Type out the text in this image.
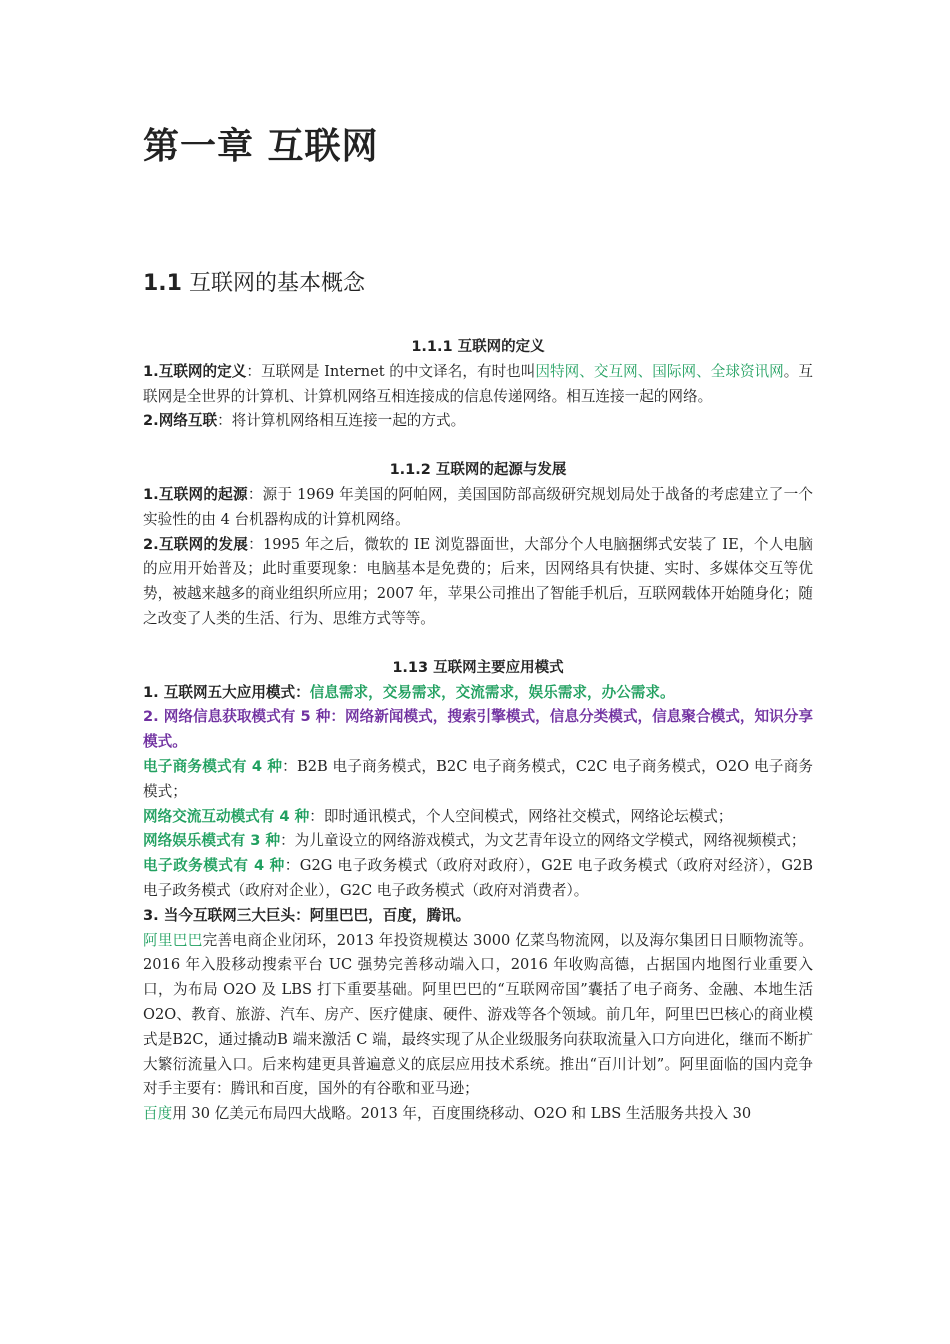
第一章 互联网
1.1 互联网的基本概念
1.1.1 互联网的定义

1.互联网的定义：互联网是 Internet 的中文译名，有时也叫因特网、交互网、国际网、全球资讯网。互联网是全世界的计算机、计算机网络互相连接成的信息传递网络。相互连接一起的网络。

2.网络互联：将计算机网络相互连接一起的方式。

1.1.2 互联网的起源与发展

1.互联网的起源：源于 1969 年美国的阿帕网，美国国防部高级研究规划局处于战备的考虑建立了一个实验性的由 4 台机器构成的计算机网络。

2.互联网的发展：1995 年之后，微软的 IE 浏览器面世，大部分个人电脑捆绑式安装了 IE，个人电脑的应用开始普及；此时重要现象：电脑基本是免费的；后来，因网络具有快捷、实时、多媒体交互等优势，被越来越多的商业组织所应用；2007 年，苹果公司推出了智能手机后，互联网载体开始随身化；随之改变了人类的生活、行为、思维方式等等。

1.13 互联网主要应用模式

1. 互联网五大应用模式：信息需求，交易需求，交流需求，娱乐需求，办公需求。

2. 网络信息获取模式有 5 种：网络新闻模式，搜索引擎模式，信息分类模式，信息聚合模式，知识分享模式。

电子商务模式有 4 种：B2B 电子商务模式，B2C 电子商务模式，C2C 电子商务模式，O2O 电子商务模式；

网络交流互动模式有 4 种：即时通讯模式，个人空间模式，网络社交模式，网络论坛模式；

网络娱乐模式有 3 种：为儿童设立的网络游戏模式，为文艺青年设立的网络文学模式，网络视频模式；

电子政务模式有 4 种：G2G 电子政务模式（政府对政府），G2E 电子政务模式（政府对经济），G2B 电子政务模式（政府对企业），G2C 电子政务模式（政府对消费者）。

3. 当今互联网三大巨头：阿里巴巴，百度，腾讯。

阿里巴巴完善电商企业闭环，2013 年投资规模达 3000 亿菜鸟物流网，以及海尔集团日日顺物流等。2016 年入股移动搜索平台 UC 强势完善移动端入口，2016 年收购高德，占据国内地图行业重要入口，为布局 O2O 及 LBS 打下重要基础。阿里巴巴的“互联网帝国”囊括了电子商务、金融、本地生活 O2O、教育、旅游、汽车、房产、医疗健康、硬件、游戏等各个领域。前几年，阿里巴巴核心的商业模式是B2C，通过撬动B 端来激活 C 端，最终实现了从企业级服务向获取流量入口方向进化，继而不断扩大繁衍流量入口。后来构建更具普遍意义的底层应用技术系统。推出“百川计划”。阿里面临的国内竞争对手主要有：腾讯和百度，国外的有谷歌和亚马逊；

百度用 30 亿美元布局四大战略。2013 年，百度围绕移动、O2O 和 LBS 生活服务共投入 30
